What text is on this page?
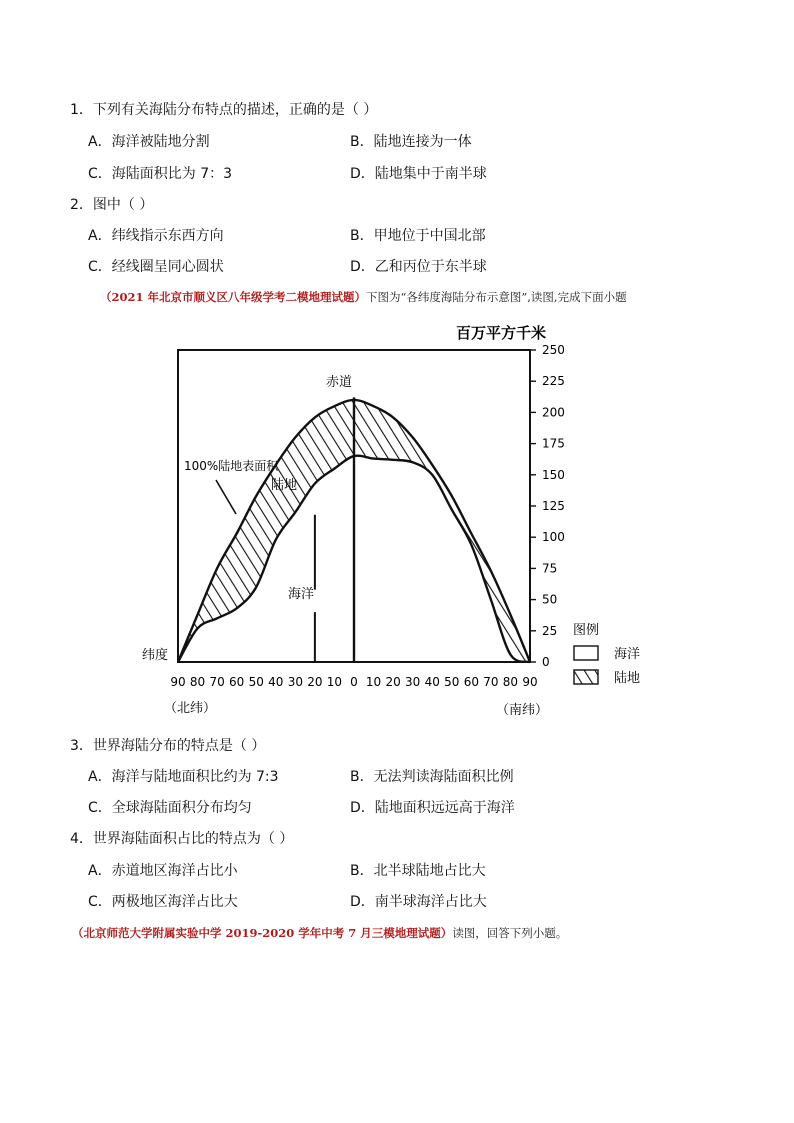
1．下列有关海陆分布特点的描述，正确的是（ ）
A．海洋被陆地分割	B．陆地连接为一体
C．海陆面积比为 7：3	D．陆地集中于南半球
2．图中（ ）
A．纬线指示东西方向	B．甲地位于中国北部
C．经线圈呈同心圆状	D．乙和丙位于东半球
（2021 年北京市顺义区八年级学考二模地理试题）下图为“各纬度海陆分布示意图”,读图,完成下面小题
250
225
200
175
150
125
100
75
50
25
0
90 80 70 60 50 40 30 20 10 0 10 20 30 40 50 60 70 80 90
百万平方千米
纬度
（北纬）	（南纬）
赤道
100%陆地表面积
陆地
海洋
图例
海洋
陆地
3．世界海陆分布的特点是（ ）
A．海洋与陆地面积比约为 7:3	B．无法判读海陆面积比例
C．全球海陆面积分布均匀	D．陆地面积远远高于海洋
4．世界海陆面积占比的特点为（ ）
A．赤道地区海洋占比小	B．北半球陆地占比大
C．两极地区海洋占比大	D．南半球海洋占比大
（北京师范大学附属实验中学 2019-2020 学年中考 7 月三模地理试题）读图，回答下列小题。
